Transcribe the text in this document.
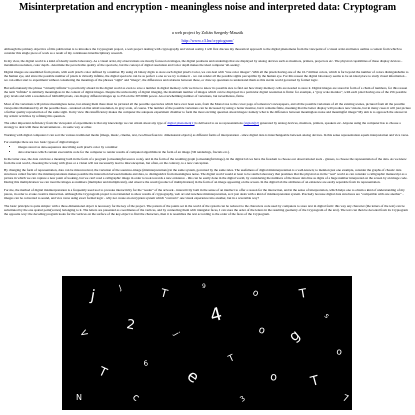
Misinterpretation and encryption - meaningless noise and interpreted data: Cryptogram
a web project by Zoltán Szegedy-Maszák
http://www.c3.hu/cryptogram/

Although the primary objective of this publication is to introduce the Cryptogram project, a web project dealing with cryptography and virtual reality, I will first discuss my theoretical approach to the digital phenomena from the viewpoint of a visual artist and hence outline a context from which to consider this single piece of work as a result of my continuous interdisciplinary research.

In my view, the digital world is a kind of ideally sterile laboratory. As a visual artist, my observations are mostly focused on images, the digital positions and renderings that are displayed by analog devices such as monitors, printers, projectors etc. The physical capabilities of these display devices - maximum resolution, color depth - determine the perceivable quality of the spectacle, but the concept of digital resolution and Color depth makes the ideal computer 'all-seeing'.

Digital images are assembled from pixels, with each pixel's color defined by a number. By using 24 binary digits to store each digital pixel's Color, we can deal with "true color images". With all the pixels having one of the 16.7 million colors, which is far beyond the number of colors distinguishable to the human eye, and since the possible number of pixels is virtually infinite, the digital spectacle can be as perfect a one as we try to make it - we can render all the possible sights perceptible by the human eye. For this reason the digital laboratory seems to be an ideal place to study visual information - we can either start to experiment without considering the meanings of the phrases "sight" and "image", the differences and relations between these, or draw up questions to understand them as this sterile world governed by formal logic.

But unfortunately the phrase "virtually infinite" is practically absurd in the digital world as even to save a number in digital memory cells we have to know its possible size to find out how many memory cells are needed to store it. Digital images are stored in form of a chain of numbers, for this reason the term "infinite" is similarly meaningless in the context of digital images. Despite the universality of digital imaging, the maximum number of images which can be displayed in a particular digital resolution is finite: for example, a "gray scale monitor", with each pixel having one of the 256 possible gray levels and with a resolution of 640x480 pixels, can display different images up to 256 on the 307200th power. An overwhelming number of variations, but nevertheless, finite.

Most of the variations will picture meaningless noise, but among them there must be pictured all the possible spectacles which have ever been seen, from the Mona Lisa to the cover page of tomorrow's newspapers, and all the possible variations of all the existing scenes, pictured from all the possible viewpoints illuminated by all the possible hues - rendered on that small resolution, in gray scale, of course. The number of the possible variations can be increased by using a better monitor, but it remains finite, meaning that the better display will produce new visions, but in many cases it will just picture a further quality reproduction of the same sight. In my view this insufficiency makes the computer the adequate experiment chamber to form the most exciting question about images: namely what is the difference between meaningless noise and meaningful image? My aim is to approach the answer in my artistic activities by refining this question.

The other important deficiency from the viewpoint of experiments is that any knowledge we can obtain about any type of digital phenomen[1] is delivered to us as representations (signals)[2] generated by analog devices, monitors, printers, speakers etc. Anyone using the computer has to choose a strategy to deal with these inconveniences - in some way or other.

Working with digital computers I can sort the various traditional media (image, music, cinema, text, two/three/four/etc. dimensional objects) as different forms of interpretation - since digital data is interchangeable between analog devices. In this sense representation equals interpretation and vice versa.

For example there are two basic types of digital images:

• images stored as data-sequences describing each pixel's color by a number
• data structures which contain executable code for the computer to render results of computed algorithms in the form of an image (3D renderings, fractals etc.).

In the latter case, the data can have a meaning both in the form of a program (a meaningful source code), and in the form of the resulting graph (a meaningful image). In the digital lab we have the freedom to choose our observational tools - glasses, to choose the representation of the data. As we know from the real world, choosing the wrong with glass or a vision will not necessarily lead to misconception, but often, on the contrary, to a new conception.

By changing the form of representation, data can be misconceived, the variation of the sound-to-image (misinterpretations) in the same system, governed by the same rules. The usefulness of digital misinterpretation is a well-known; to mention just one example, consider the graphs of chaotic data structures called fractals: the misinterpretations makes possible the interaction between humans and data, to distinguish it from meaningless noise. The digital world would at least to be sterile laboratory that promises that the physical as in the "real" world as can consider a calligraphic manuscript as a picture in which we can capture a new point of looking, but we can't read a calligraphic image in order to look towards a new existence - this can be easily done in the digital world, by considering the numbers of the linear data line as digits of a huge number interpreted on the screen by an image code. During this multiplication we can treat the images as numbers (multiplier and multiplicand), and observe the result (product of multiplication) in the form of an image appearing on the screen. In the digital lab the attributes of an existence are easily separable from its representation.

For me, the method of digital misinterpretation is a frequently used tool to provoke interactivity for the "reader" of the artwork - interactivity both in the sense of an intellect to offer a reason for the interaction, and in the sense of interpretation, which helps one to obtain a kind of understanding of my pieces, in order to evoke creative interaction. Although the Cryptogram project is not intended to show results of cryptography, web art and nowhere misinterpretation, as it just deals with a kind of misinterpretation system. Precisely because digital data structures are "compatible with one another" - images can be converted to sound, and vice versa using exact formal logic - why not create an encryption system which "converts" one visual experience into another, but in a reversible way?

The basic principle is quite simple: with a three-dimensional object is necessary for the key of the project. The pattern of the points set in the world of the system can be reduced to the characters code used by computers to store text in digital form: this way any character (the letters of the text) can be substituted by the one spatial point(vertex) belonging to it. The letters are presented as coordinates of the vertices, and by connecting them with triangular faces, I can store the order of the letters in the resulting geometry of the Cryptogram of the text). The text can then be decoded from its Cryptogram the opposite way: the decoding program looks for the vertices on the surface of the key-object to find the characters, then it is resembles the text according to the order of the faces of the Cryptogram.

j	J	T	9
o	T
s
<
2
j
4
o g
o
T
6
e
T
o T
N	c	3	7
